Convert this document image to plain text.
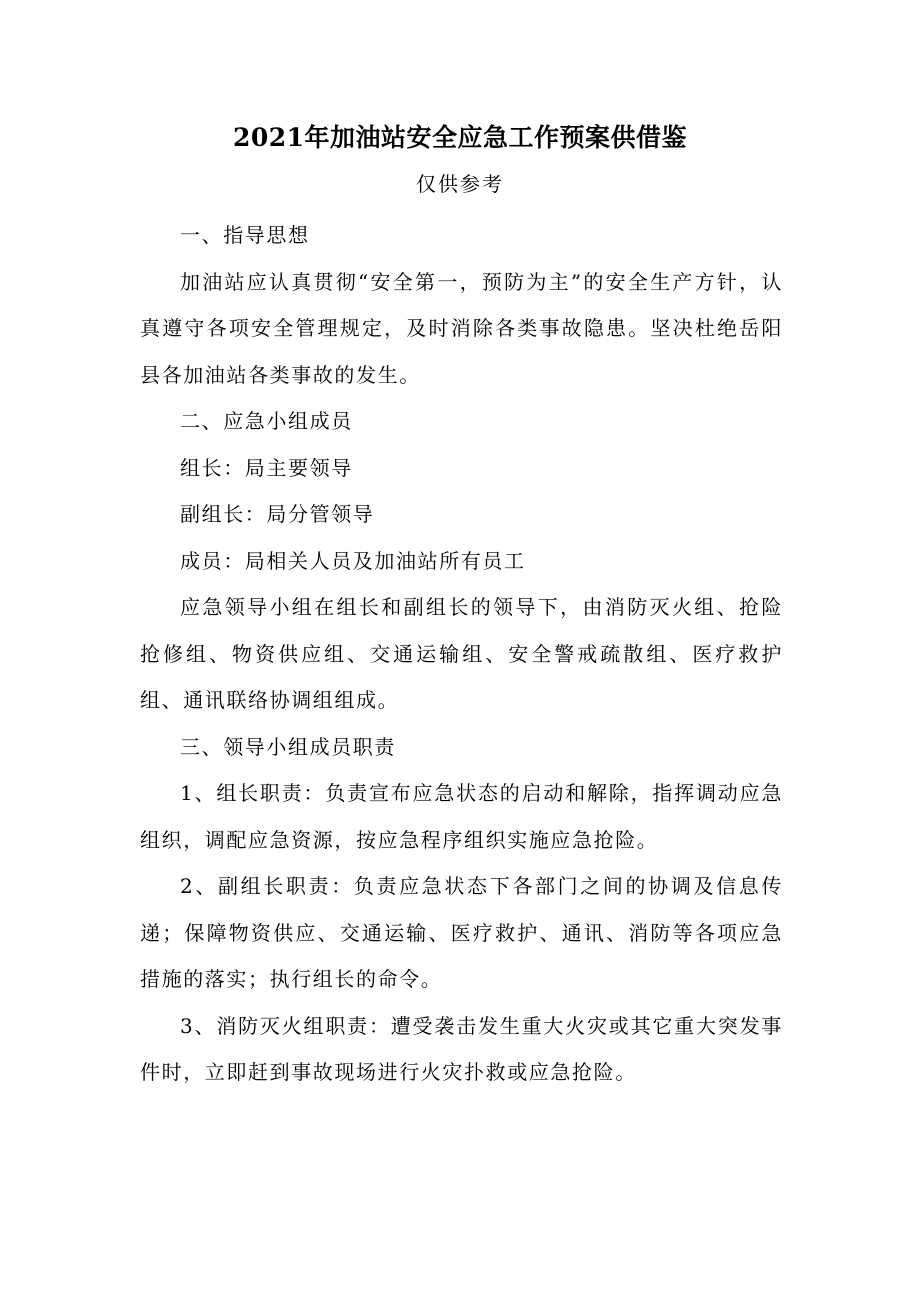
2021年加油站安全应急工作预案供借鉴
仅供参考

一、指导思想

加油站应认真贯彻“安全第一，预防为主”的安全生产方针，认真遵守各项安全管理规定，及时消除各类事故隐患。坚决杜绝岳阳县各加油站各类事故的发生。

二、应急小组成员

组长：局主要领导

副组长：局分管领导

成员：局相关人员及加油站所有员工

应急领导小组在组长和副组长的领导下，由消防灭火组、抢险抢修组、物资供应组、交通运输组、安全警戒疏散组、医疗救护组、通讯联络协调组组成。

三、领导小组成员职责

1、组长职责：负责宣布应急状态的启动和解除，指挥调动应急组织，调配应急资源，按应急程序组织实施应急抢险。

2、副组长职责：负责应急状态下各部门之间的协调及信息传递；保障物资供应、交通运输、医疗救护、通讯、消防等各项应急措施的落实；执行组长的命令。

3、消防灭火组职责：遭受袭击发生重大火灾或其它重大突发事件时，立即赶到事故现场进行火灾扑救或应急抢险。
